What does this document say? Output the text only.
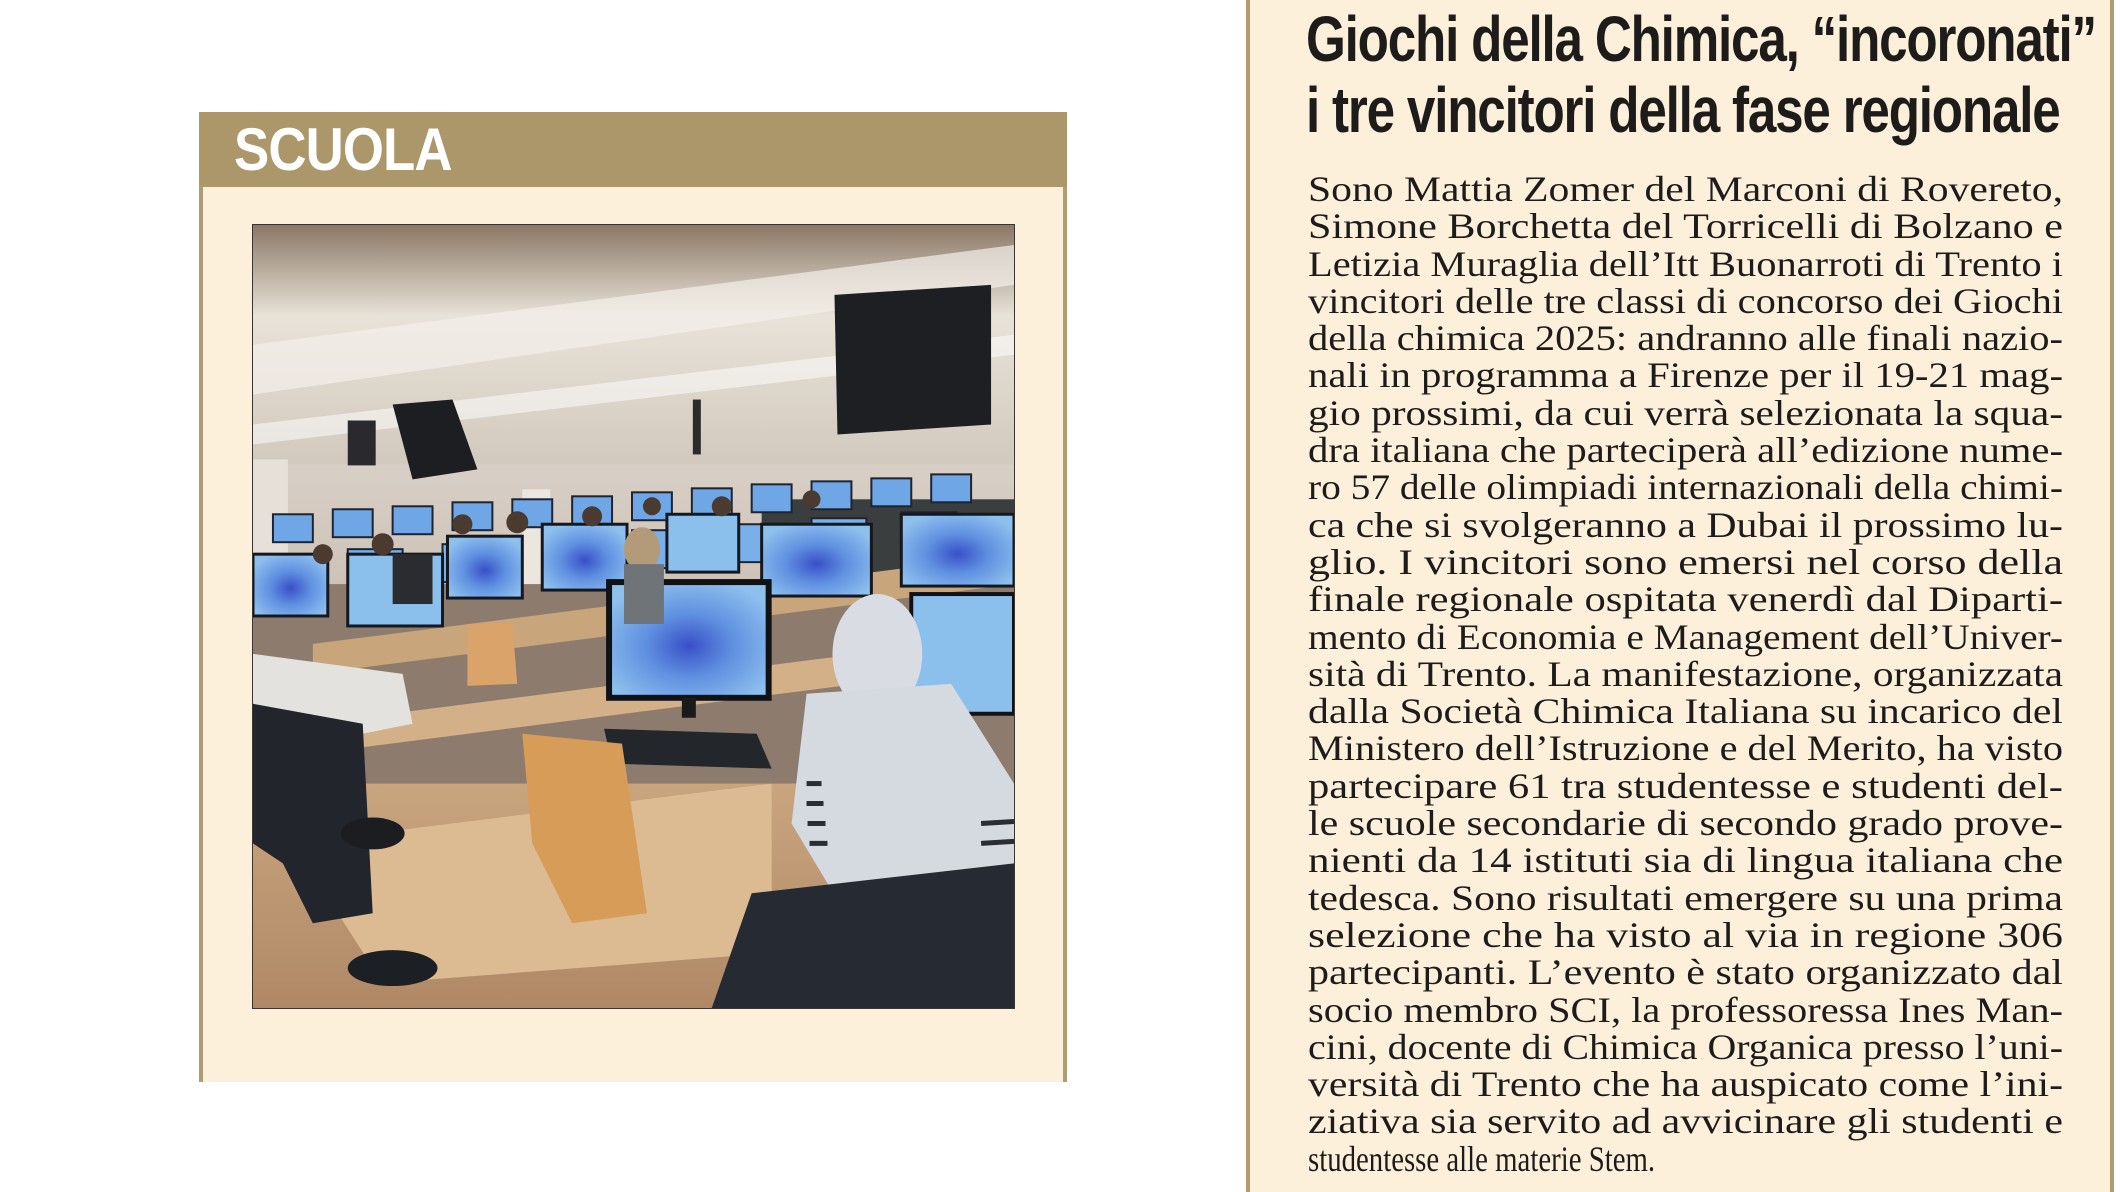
SCUOLA
Giochi della Chimica, “incoronati”
i tre vincitori della fase regionale
Sono Mattia Zomer del Marconi di Rovereto,
Simone Borchetta del Torricelli di Bolzano e
Letizia Muraglia dell’Itt Buonarroti di Trento i
vincitori delle tre classi di concorso dei Giochi
della chimica 2025: andranno alle finali nazio-
nali in programma a Firenze per il 19-21 mag-
gio prossimi, da cui verrà selezionata la squa-
dra italiana che parteciperà all’edizione nume-
ro 57 delle olimpiadi internazionali della chimi-
ca che si svolgeranno a Dubai il prossimo lu-
glio. I vincitori sono emersi nel corso della
finale regionale ospitata venerdì dal Diparti-
mento di Economia e Management dell’Univer-
sità di Trento. La manifestazione, organizzata
dalla Società Chimica Italiana su incarico del
Ministero dell’Istruzione e del Merito, ha visto
partecipare 61 tra studentesse e studenti del-
le scuole secondarie di secondo grado prove-
nienti da 14 istituti sia di lingua italiana che
tedesca. Sono risultati emergere su una prima
selezione che ha visto al via in regione 306
partecipanti. L’evento è stato organizzato dal
socio membro SCI, la professoressa Ines Man-
cini, docente di Chimica Organica presso l’uni-
versità di Trento che ha auspicato come l’ini-
ziativa sia servito ad avvicinare gli studenti e
studentesse alle materie Stem.
